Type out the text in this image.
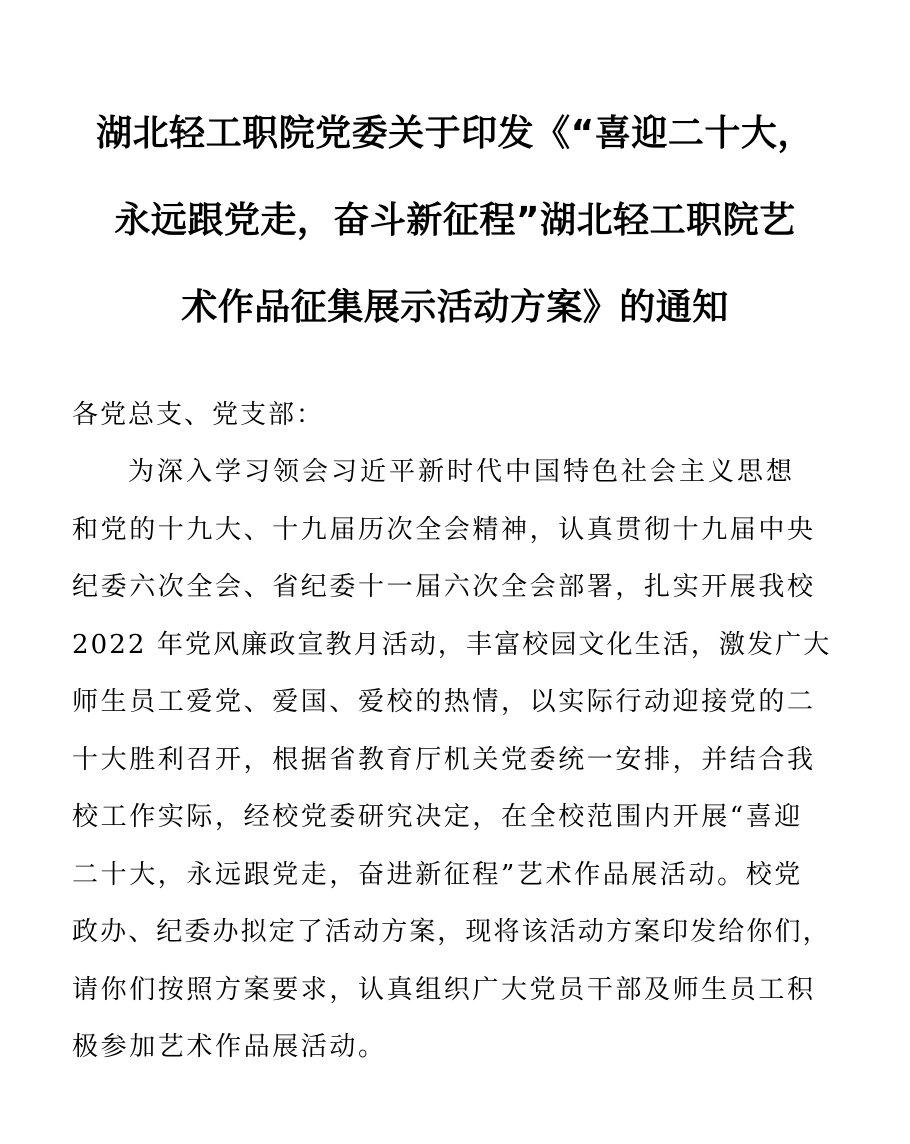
湖北轻工职院党委关于印发《“喜迎二十大，
永远跟党走，奋斗新征程”湖北轻工职院艺
术作品征集展示活动方案》的通知

各党总支、党支部：

为深入学习领会习近平新时代中国特色社会主义思想
和党的十九大、十九届历次全会精神，认真贯彻十九届中央
纪委六次全会、省纪委十一届六次全会部署，扎实开展我校
2022 年党风廉政宣教月活动，丰富校园文化生活，激发广大
师生员工爱党、爱国、爱校的热情，以实际行动迎接党的二
十大胜利召开，根据省教育厅机关党委统一安排，并结合我
校工作实际，经校党委研究决定，在全校范围内开展“喜迎
二十大，永远跟党走，奋进新征程”艺术作品展活动。校党
政办、纪委办拟定了活动方案，现将该活动方案印发给你们，
请你们按照方案要求，认真组织广大党员干部及师生员工积
极参加艺术作品展活动。
